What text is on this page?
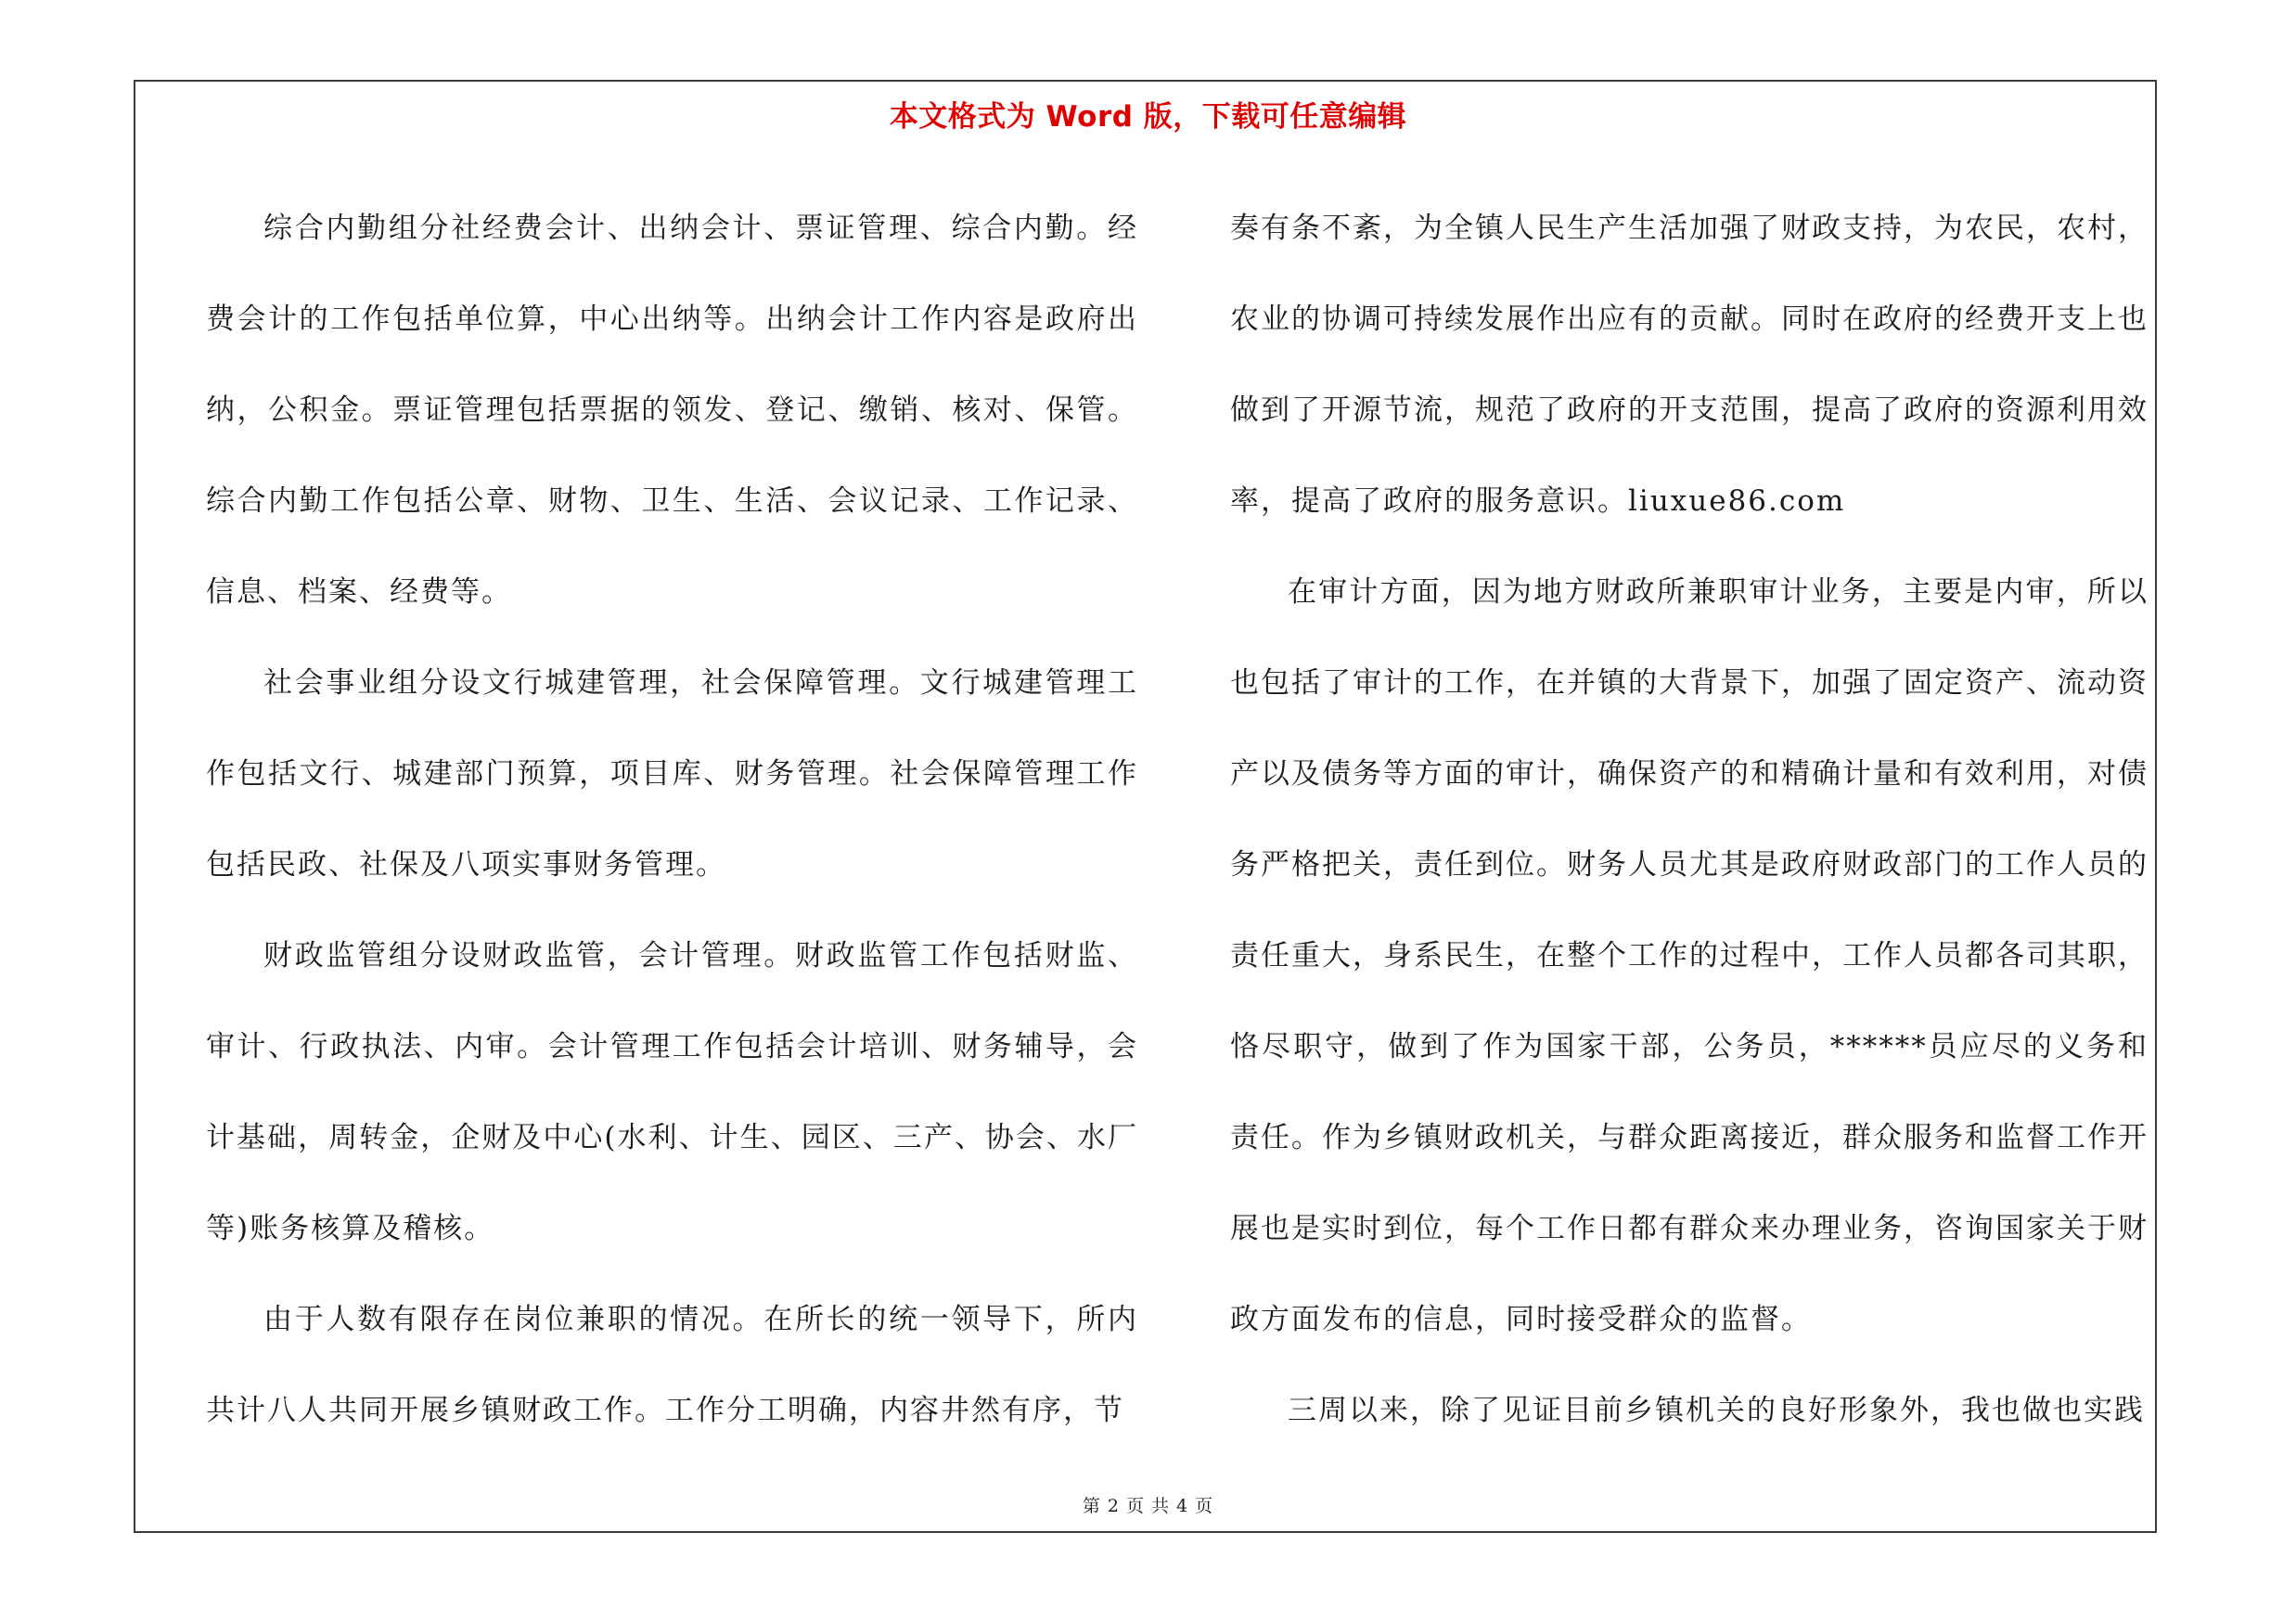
本文格式为 Word 版，下载可任意编辑

综合内勤组分社经费会计、出纳会计、票证管理、综合内勤。经费会计的工作包括单位算，中心出纳等。出纳会计工作内容是政府出纳，公积金。票证管理包括票据的领发、登记、缴销、核对、保管。综合内勤工作包括公章、财物、卫生、生活、会议记录、工作记录、信息、档案、经费等。

社会事业组分设文行城建管理，社会保障管理。文行城建管理工作包括文行、城建部门预算，项目库、财务管理。社会保障管理工作包括民政、社保及八项实事财务管理。

财政监管组分设财政监管，会计管理。财政监管工作包括财监、审计、行政执法、内审。会计管理工作包括会计培训、财务辅导，会计基础，周转金，企财及中心(水利、计生、园区、三产、协会、水厂等)账务核算及稽核。

由于人数有限存在岗位兼职的情况。在所长的统一领导下，所内共计八人共同开展乡镇财政工作。工作分工明确，内容井然有序，节

奏有条不紊，为全镇人民生产生活加强了财政支持，为农民，农村，农业的协调可持续发展作出应有的贡献。同时在政府的经费开支上也做到了开源节流，规范了政府的开支范围，提高了政府的资源利用效率，提高了政府的服务意识。liuxue86.com

在审计方面，因为地方财政所兼职审计业务，主要是内审，所以也包括了审计的工作，在并镇的大背景下，加强了固定资产、流动资产以及债务等方面的审计，确保资产的和精确计量和有效利用，对债务严格把关，责任到位。财务人员尤其是政府财政部门的工作人员的责任重大，身系民生，在整个工作的过程中，工作人员都各司其职，恪尽职守，做到了作为国家干部，公务员，******员应尽的义务和责任。作为乡镇财政机关，与群众距离接近，群众服务和监督工作开展也是实时到位，每个工作日都有群众来办理业务，咨询国家关于财政方面发布的信息，同时接受群众的监督。

三周以来，除了见证目前乡镇机关的良好形象外，我也做也实践

第 2 页 共 4 页
